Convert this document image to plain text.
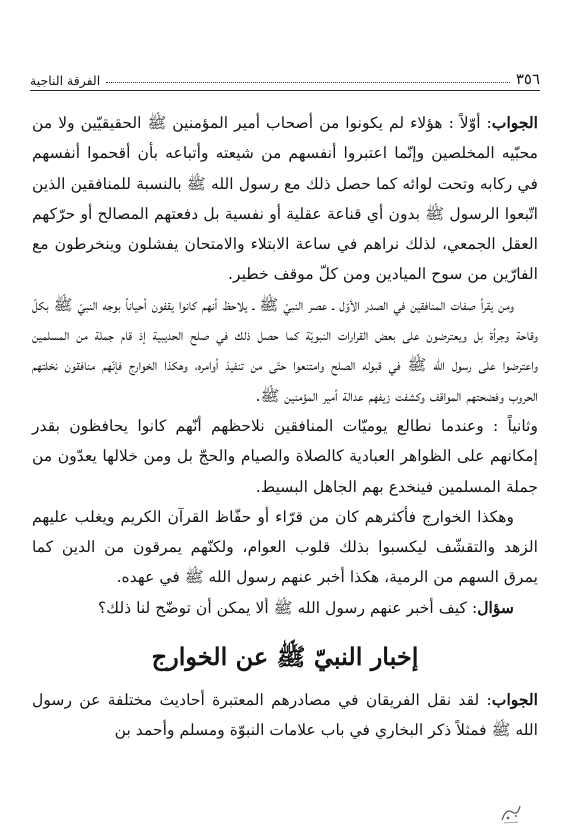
٣٥٦
الفرقة الناجية

الجواب: أوّلاً : هؤلاء لم يكونوا من أصحاب أمير المؤمنين ﷺ الحقيقيّين ولا من محبّيه المخلصين وإنّما اعتبروا أنفسهم من شيعته وأتباعه بأن أقحموا أنفسهم في ركابه وتحت لوائه كما حصل ذلك مع رسول الله ﷺ بالنسبة للمنافقين الذين اتّبعوا الرسول ﷺ بدون أي قناعة عقلية أو نفسية بل دفعتهم المصالح أو حرّكهم العقل الجمعي، لذلك نراهم في ساعة الابتلاء والامتحان يفشلون وينخرطون مع الفارّين من سوح الميادين ومن كلّ موقف خطير.

ومن يقرأ صفات المنافقين في الصدر الأوّل ـ عصر النبيّ ﷺ ـ يلاحظ أنهم كانوا يقفون أحياناً بوجه النبيّ ﷺ بكلّ وقاحة وجرأة بل ويعترضون على بعض القرارات النبويّة كما حصل ذلك في صلح الحديبية إذ قام جملة من المسلمين واعترضوا على رسول الله ﷺ في قبوله الصلح وامتنعوا حتّى من تنفيذ أوامره، وهكذا الخوارج فإنّهم منافقون نخلتهم الحروب وفضحتهم المواقف وكشفت زيفهم عدالة أمير المؤمنين ﷺ.

وثانياً : وعندما نطالع يوميّات المنافقين نلاحظهم أنّهم كانوا يحافظون بقدر إمكانهم على الظواهر العبادية كالصلاة والصيام والحجّ بل ومن خلالها يعدّون من جملة المسلمين فينخدع بهم الجاهل البسيط.

وهكذا الخوارج فأكثرهم كان من قرّاء أو حفّاظ القرآن الكريم ويغلب عليهم الزهد والتقشّف ليكسبوا بذلك قلوب العوام، ولكنّهم يمرقون من الدين كما يمرق السهم من الرمية، هكذا أخبر عنهم رسول الله ﷺ في عهده.

سؤال: كيف أخبر عنهم رسول الله ﷺ ألا يمكن أن توضّح لنا ذلك؟

إخبار النبيّ ﷺ عن الخوارج

الجواب: لقد نقل الفريقان في مصادرهم المعتبرة أحاديث مختلفة عن رسول الله ﷺ فمثلاً ذكر البخاري في باب علامات النبوّة ومسلم وأحمد بن
